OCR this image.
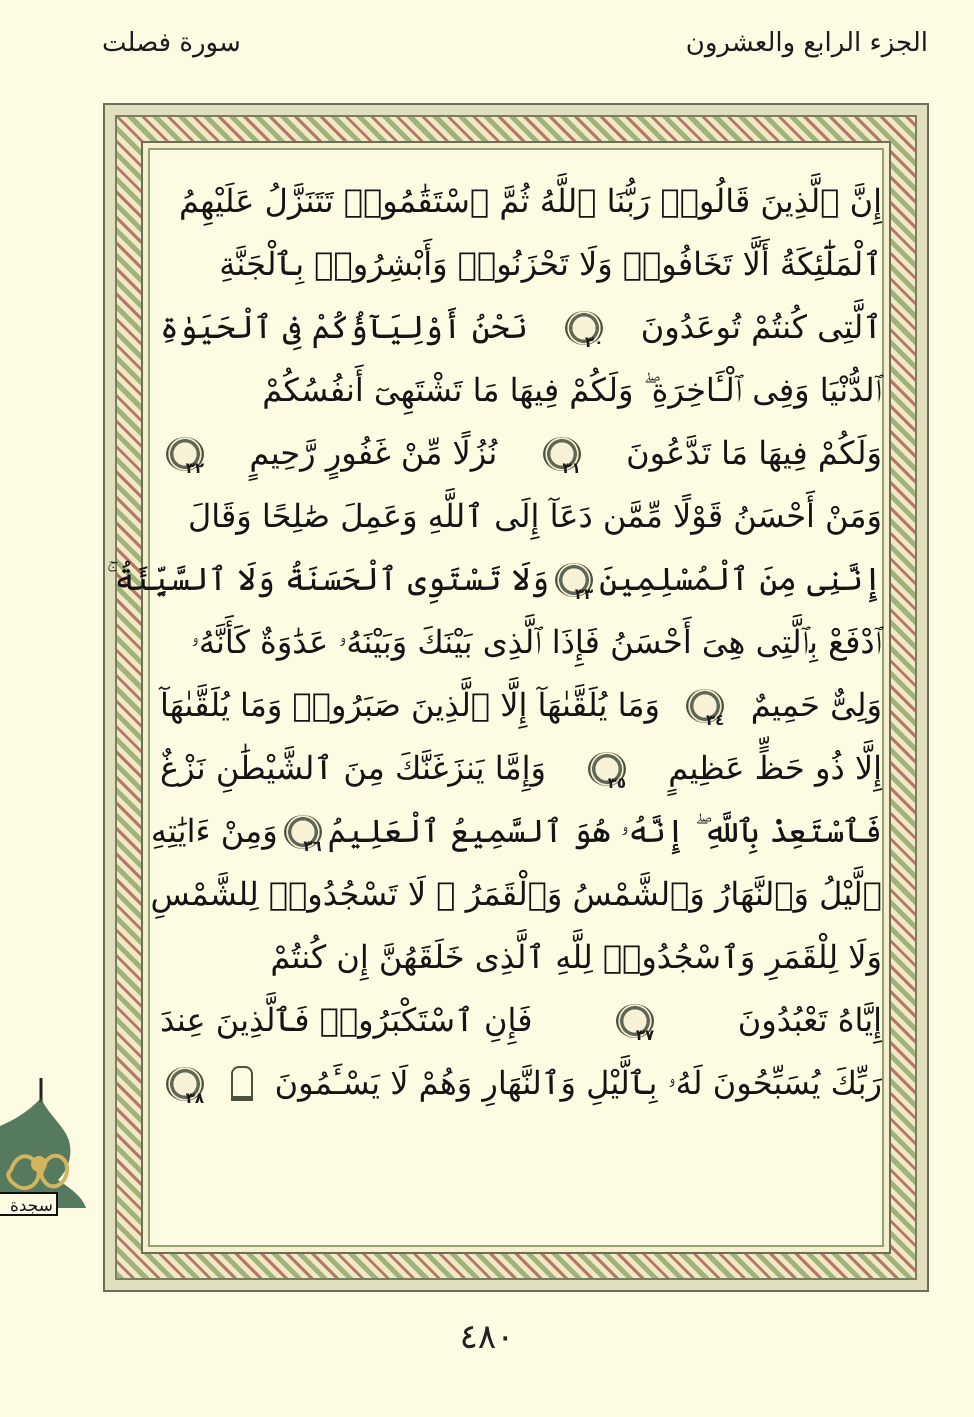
سورة فصلت	الجزء الرابع والعشرون
إِنَّ ٱلَّذِينَ قَالُوا۟ رَبُّنَا ٱللَّهُ ثُمَّ ٱسْتَقَٰمُوا۟ تَتَنَزَّلُ عَلَيْهِمُ
ٱلْمَلَٰٓئِكَةُ أَلَّا تَخَافُوا۟ وَلَا تَحْزَنُوا۟ وَأَبْشِرُوا۟ بِٱلْجَنَّةِ
ٱلَّتِى كُنتُمْ تُوعَدُونَ
٣٠
نَحْنُ أَوْلِيَآؤُكُمْ فِى ٱلْحَيَوٰةِ
ٱلدُّنْيَا وَفِى ٱلْـَٔاخِرَةِ ۖ وَلَكُمْ فِيهَا مَا تَشْتَهِىٓ أَنفُسُكُمْ
وَلَكُمْ فِيهَا مَا تَدَّعُونَ
٣١
نُزُلًا مِّنْ غَفُورٍ رَّحِيمٍ
٣٢
وَمَنْ أَحْسَنُ قَوْلًا مِّمَّن دَعَآ إِلَى ٱللَّهِ وَعَمِلَ صَٰلِحًا وَقَالَ
إِنَّنِى مِنَ ٱلْمُسْلِمِينَ
٣٣
وَلَا تَسْتَوِى ٱلْحَسَنَةُ وَلَا ٱلسَّيِّئَةُ ۚ
ٱدْفَعْ بِٱلَّتِى هِىَ أَحْسَنُ فَإِذَا ٱلَّذِى بَيْنَكَ وَبَيْنَهُۥ عَدَٰوَةٌ كَأَنَّهُۥ
وَلِىٌّ حَمِيمٌ
٣٤
وَمَا يُلَقَّىٰهَآ إِلَّا ٱلَّذِينَ صَبَرُوا۟ وَمَا يُلَقَّىٰهَآ
إِلَّا ذُو حَظٍّ عَظِيمٍ
٣٥
وَإِمَّا يَنزَغَنَّكَ مِنَ ٱلشَّيْطَٰنِ نَزْغٌ
فَٱسْتَعِذْ بِٱللَّهِ ۖ إِنَّهُۥ هُوَ ٱلسَّمِيعُ ٱلْعَلِيمُ
٣٦
وَمِنْ ءَايَٰتِهِ
ٱلَّيْلُ وَٱلنَّهَارُ وَٱلشَّمْسُ وَٱلْقَمَرُ ۚ لَا تَسْجُدُوا۟ لِلشَّمْسِ
وَلَا لِلْقَمَرِ وَٱسْجُدُوا۟ لِلَّهِ ٱلَّذِى خَلَقَهُنَّ إِن كُنتُمْ
إِيَّاهُ تَعْبُدُونَ
٣٧
فَإِنِ ٱسْتَكْبَرُوا۟ فَٱلَّذِينَ عِندَ
رَبِّكَ يُسَبِّحُونَ لَهُۥ بِٱلَّيْلِ وَٱلنَّهَارِ وَهُمْ لَا يَسْـَٔمُونَ
٣٨
٤٨٠
سجدة
